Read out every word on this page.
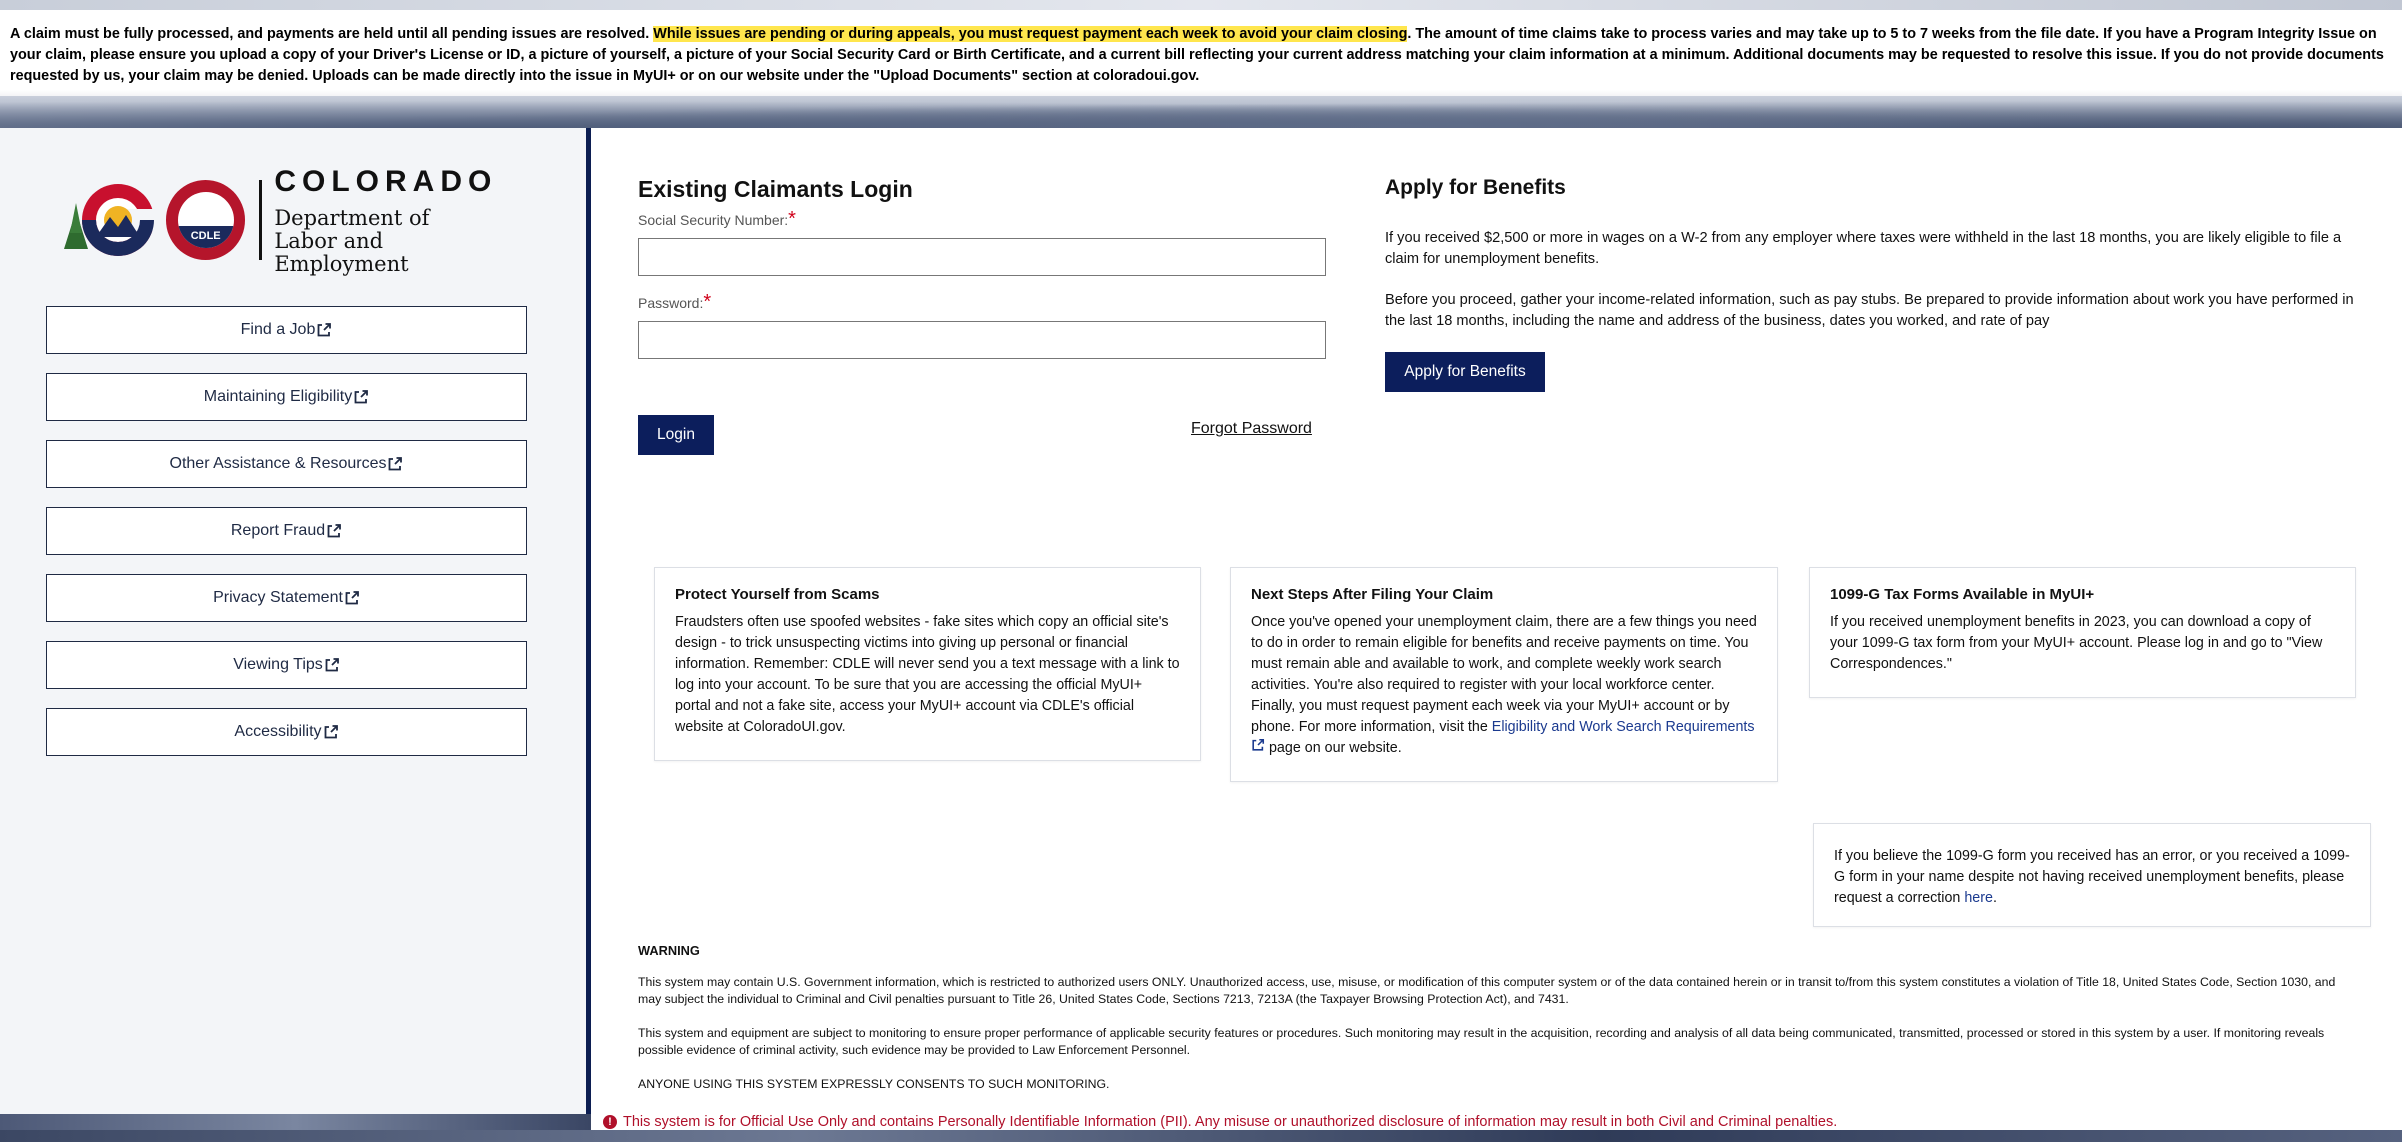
A claim must be fully processed, and payments are held until all pending issues are resolved. While issues are pending or during appeals, you must request payment each week to avoid your claim closing. The amount of time claims take to process varies and may take up to 5 to 7 weeks from the file date. If you have a Program Integrity Issue on your claim, please ensure you upload a copy of your Driver's License or ID, a picture of yourself, a picture of your Social Security Card or Birth Certificate, and a current bill reflecting your current address matching your claim information at a minimum. Additional documents may be requested to resolve this issue. If you do not provide documents requested by us, your claim may be denied. Uploads can be made directly into the issue in MyUI+ or on our website under the "Upload Documents" section at coloradoui.gov.
CDLE
COLORADO
Department of
Labor and Employment
Find a Job
Maintaining Eligibility
Other Assistance & Resources
Report Fraud
Privacy Statement
Viewing Tips
Accessibility
Existing Claimants Login
Social Security Number:*
Password:*
Login	Forgot Password
Apply for Benefits
If you received $2,500 or more in wages on a W-2 from any employer where taxes were withheld in the last 18 months, you are likely eligible to file a claim for unemployment benefits.
Before you proceed, gather your income-related information, such as pay stubs. Be prepared to provide information about work you have performed in the last 18 months, including the name and address of the business, dates you worked, and rate of pay
Apply for Benefits
Protect Yourself from Scams
Fraudsters often use spoofed websites - fake sites which copy an official site's design - to trick unsuspecting victims into giving up personal or financial information. Remember: CDLE will never send you a text message with a link to log into your account. To be sure that you are accessing the official MyUI+ portal and not a fake site, access your MyUI+ account via CDLE's official website at ColoradoUI.gov.
Next Steps After Filing Your Claim
Once you've opened your unemployment claim, there are a few things you need to do in order to remain eligible for benefits and receive payments on time. You must remain able and available to work, and complete weekly work search activities. You're also required to register with your local workforce center. Finally, you must request payment each week via your MyUI+ account or by phone. For more information, visit the Eligibility and Work Search Requirements  page on our website.
1099-G Tax Forms Available in MyUI+
If you received unemployment benefits in 2023, you can download a copy of your 1099-G tax form from your MyUI+ account. Please log in and go to "View Correspondences."
If you believe the 1099-G form you received has an error, or you received a 1099-G form in your name despite not having received unemployment benefits, please request a correction here.
WARNING
This system may contain U.S. Government information, which is restricted to authorized users ONLY. Unauthorized access, use, misuse, or modification of this computer system or of the data contained herein or in transit to/from this system constitutes a violation of Title 18, United States Code, Section 1030, and may subject the individual to Criminal and Civil penalties pursuant to Title 26, United States Code, Sections 7213, 7213A (the Taxpayer Browsing Protection Act), and 7431.
This system and equipment are subject to monitoring to ensure proper performance of applicable security features or procedures. Such monitoring may result in the acquisition, recording and analysis of all data being communicated, transmitted, processed or stored in this system by a user. If monitoring reveals possible evidence of criminal activity, such evidence may be provided to Law Enforcement Personnel.
ANYONE USING THIS SYSTEM EXPRESSLY CONSENTS TO SUCH MONITORING.
! This system is for Official Use Only and contains Personally Identifiable Information (PII). Any misuse or unauthorized disclosure of information may result in both Civil and Criminal penalties.
